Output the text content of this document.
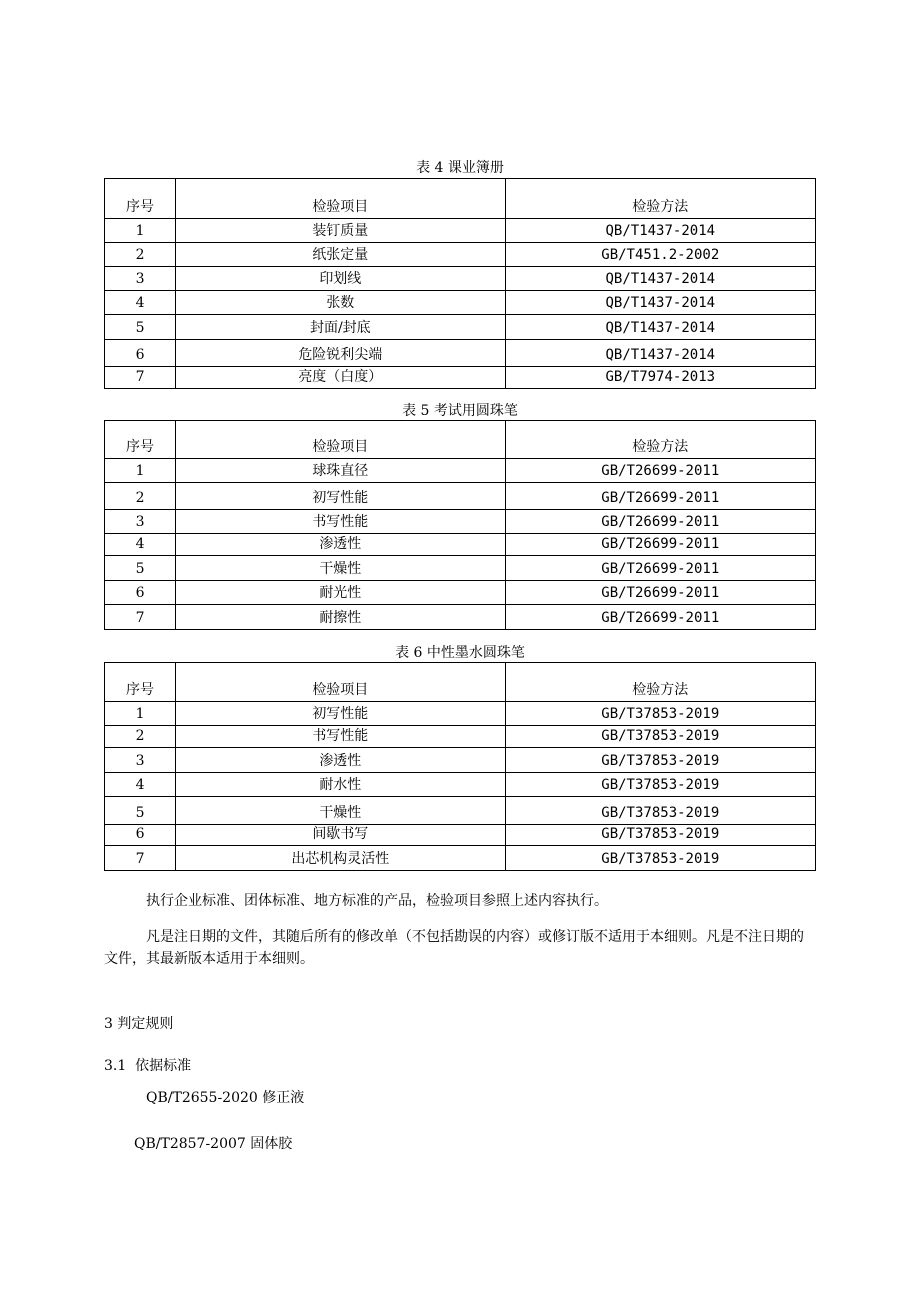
表 4 课业簿册
序号	检验项目	检验方法
1	装钉质量	QB/T1437-2014
2	纸张定量	GB/T451.2-2002
3	印划线	QB/T1437-2014
4	张数	QB/T1437-2014
5	封面/封底	QB/T1437-2014
6	危险锐利尖端	QB/T1437-2014
7	亮度（白度）	GB/T7974-2013
表 5 考试用圆珠笔
序号	检验项目	检验方法
1	球珠直径	GB/T26699-2011
2	初写性能	GB/T26699-2011
3	书写性能	GB/T26699-2011
4	渗透性	GB/T26699-2011
5	干燥性	GB/T26699-2011
6	耐光性	GB/T26699-2011
7	耐擦性	GB/T26699-2011
表 6 中性墨水圆珠笔
序号	检验项目	检验方法
1	初写性能	GB/T37853-2019
2	书写性能	GB/T37853-2019
3	渗透性	GB/T37853-2019
4	耐水性	GB/T37853-2019
5	干燥性	GB/T37853-2019
6	间歇书写	GB/T37853-2019
7	出芯机构灵活性	GB/T37853-2019
执行企业标准、团体标准、地方标准的产品，检验项目参照上述内容执行。
凡是注日期的文件，其随后所有的修改单（不包括勘误的内容）或修订版不适用于本细则。凡是不注日期的文件，其最新版本适用于本细则。
3 判定规则
3.1  依据标准
QB/T2655-2020 修正液
QB/T2857-2007 固体胶
